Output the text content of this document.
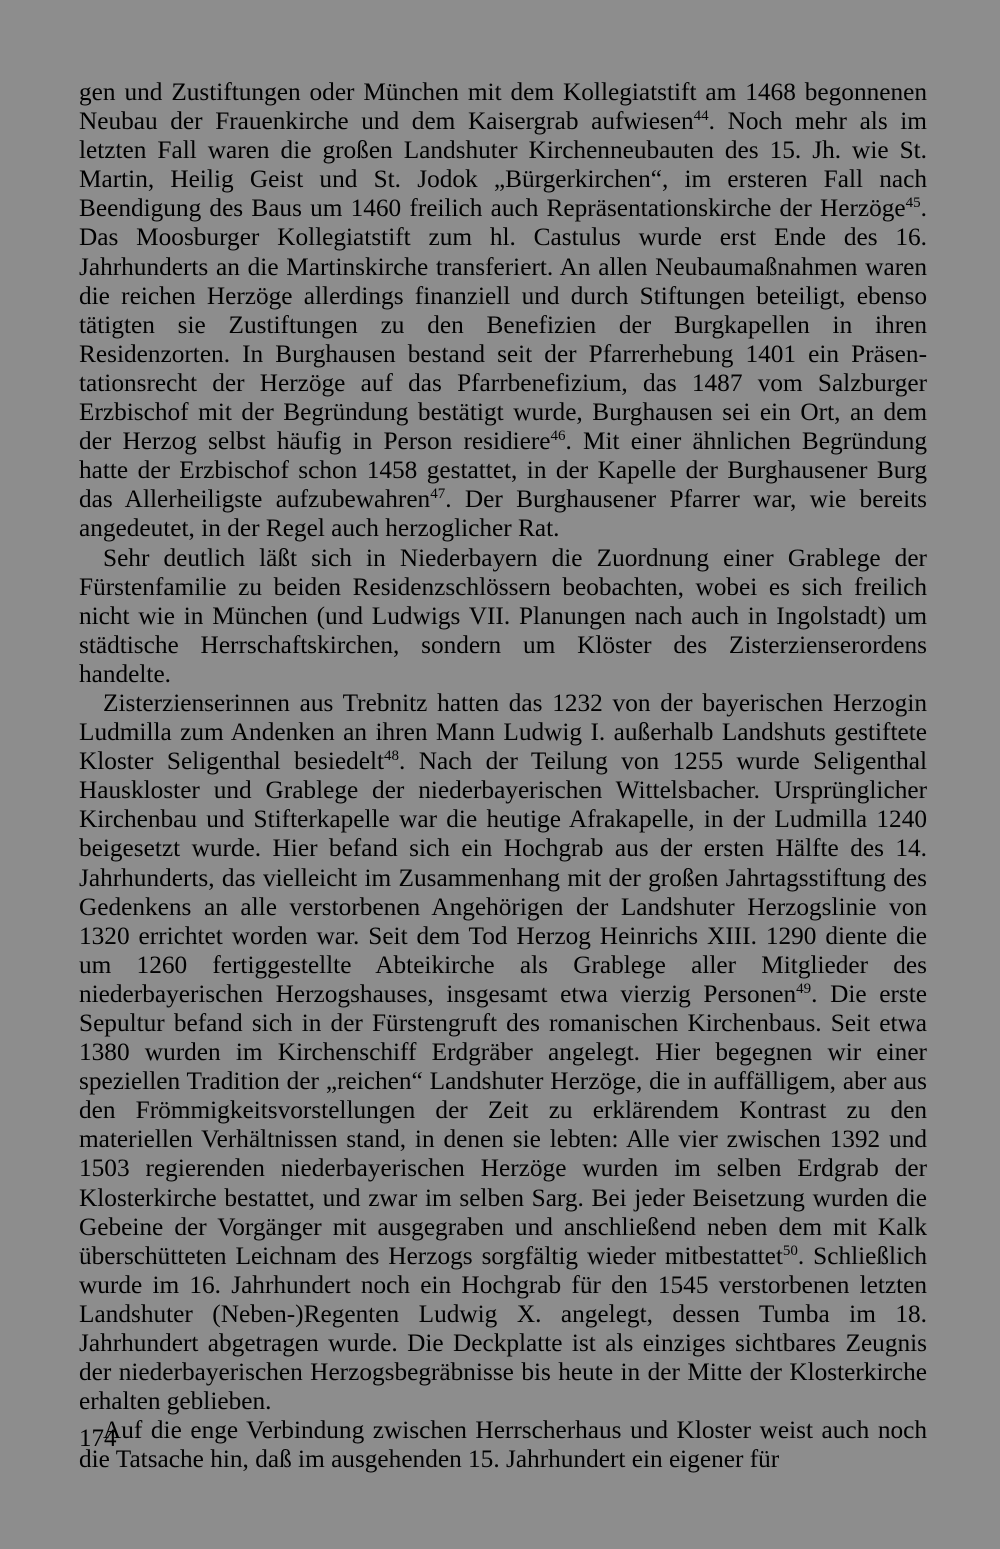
gen und Zustiftungen oder München mit dem Kollegiatstift am 1468 begonnenen Neubau der Frauenkirche und dem Kaisergrab aufwiesen$^{44}$. Noch mehr als im letzten Fall waren die großen Landshuter Kirchenneubauten des 15. Jh. wie St. Martin, Heilig Geist und St. Jodok „Bürgerkirchen“, im ersteren Fall nach Beendigung des Baus um 1460 freilich auch Repräsentationskirche der Herzöge$^{45}$. Das Moosburger Kollegiatstift zum hl. Castulus wurde erst Ende des 16. Jahrhunderts an die Martinskirche transferiert. An allen Neubaumaßnahmen waren die reichen Herzöge allerdings finanziell und durch Stiftungen beteiligt, ebenso tätigten sie Zustiftungen zu den Benefizien der Burgkapellen in ihren Residenzorten. In Burghausen bestand seit der Pfarrerhebung 1401 ein Präsentationsrecht der Herzöge auf das Pfarrbenefizium, das 1487 vom Salzburger Erzbischof mit der Begründung bestätigt wurde, Burghausen sei ein Ort, an dem der Herzog selbst häufig in Person residiere$^{46}$. Mit einer ähnlichen Begründung hatte der Erzbischof schon 1458 gestattet, in der Kapelle der Burghausener Burg das Allerheiligste aufzubewahren$^{47}$. Der Burghausener Pfarrer war, wie bereits angedeutet, in der Regel auch herzoglicher Rat.

Sehr deutlich läßt sich in Niederbayern die Zuordnung einer Grablege der Fürstenfamilie zu beiden Residenzschlössern beobachten, wobei es sich freilich nicht wie in München (und Ludwigs VII. Planungen nach auch in Ingolstadt) um städtische Herrschaftskirchen, sondern um Klöster des Zisterzienserordens handelte.

Zisterzienserinnen aus Trebnitz hatten das 1232 von der bayerischen Herzogin Ludmilla zum Andenken an ihren Mann Ludwig I. außerhalb Landshuts gestiftete Kloster Seligenthal besiedelt$^{48}$. Nach der Teilung von 1255 wurde Seligenthal Hauskloster und Grablege der niederbayerischen Wittelsbacher. Ursprünglicher Kirchenbau und Stifterkapelle war die heutige Afrakapelle, in der Ludmilla 1240 beigesetzt wurde. Hier befand sich ein Hochgrab aus der ersten Hälfte des 14. Jahrhunderts, das vielleicht im Zusammenhang mit der großen Jahrtagsstiftung des Gedenkens an alle verstorbenen Angehörigen der Landshuter Herzogslinie von 1320 errichtet worden war. Seit dem Tod Herzog Heinrichs XIII. 1290 diente die um 1260 fertiggestellte Abteikirche als Grablege aller Mitglieder des niederbayerischen Herzogshauses, insgesamt etwa vierzig Personen$^{49}$. Die erste Sepultur befand sich in der Fürstengruft des romanischen Kirchenbaus. Seit etwa 1380 wurden im Kirchenschiff Erdgräber angelegt. Hier begegnen wir einer speziellen Tradition der „reichen“ Landshuter Herzöge, die in auffälligem, aber aus den Frömmigkeitsvorstellungen der Zeit zu erklärendem Kontrast zu den materiellen Verhältnissen stand, in denen sie lebten: Alle vier zwischen 1392 und 1503 regierenden niederbayerischen Herzöge wurden im selben Erdgrab der Klosterkirche bestattet, und zwar im selben Sarg. Bei jeder Beisetzung wurden die Gebeine der Vorgänger mit ausgegraben und anschließend neben dem mit Kalk überschütteten Leichnam des Herzogs sorgfältig wieder mitbestattet$^{50}$. Schließlich wurde im 16. Jahrhundert noch ein Hochgrab für den 1545 verstorbenen letzten Landshuter (Neben-)Regenten Ludwig X. angelegt, dessen Tumba im 18. Jahrhundert abgetragen wurde. Die Deckplatte ist als einziges sichtbares Zeugnis der niederbayerischen Herzogsbegräbnisse bis heute in der Mitte der Klosterkirche erhalten geblieben.

Auf die enge Verbindung zwischen Herrscherhaus und Kloster weist auch noch die Tatsache hin, daß im ausgehenden 15. Jahrhundert ein eigener für

174
